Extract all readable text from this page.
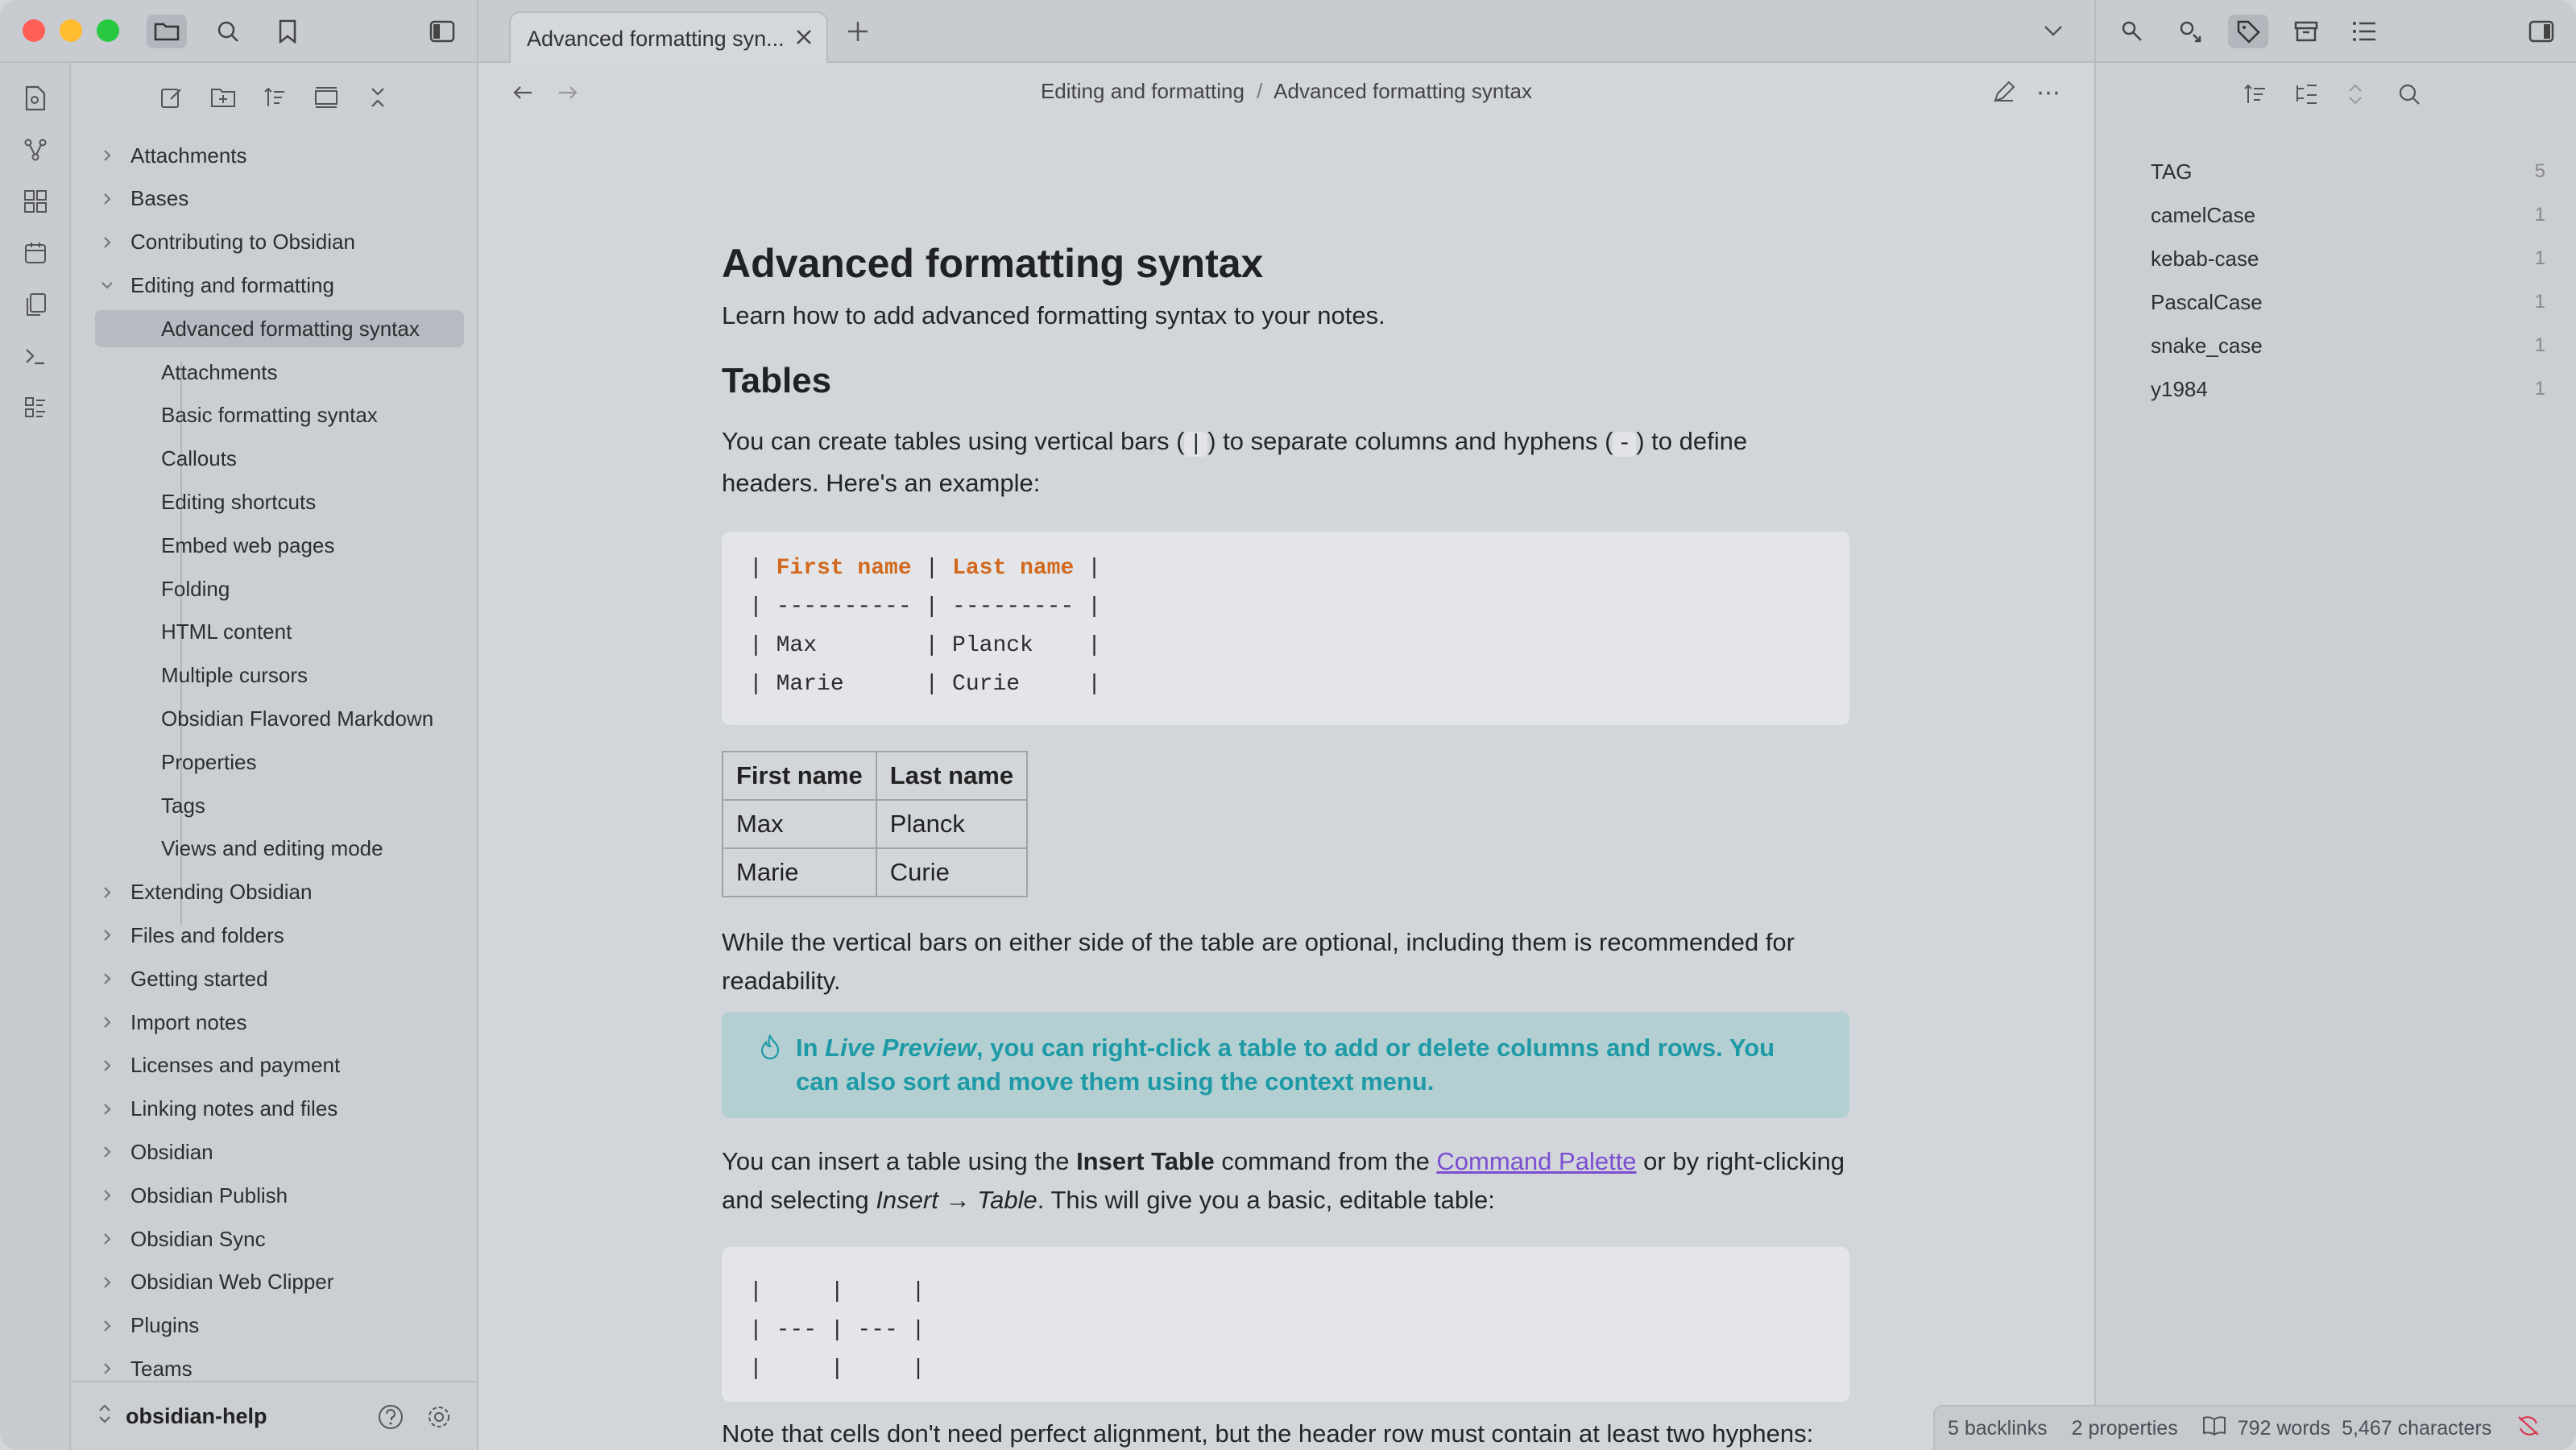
Advanced formatting syn...
Attachments
Bases
Contributing to Obsidian
Editing and formatting
Advanced formatting syntax
Attachments
Basic formatting syntax
Callouts
Editing shortcuts
Embed web pages
Folding
HTML content
Multiple cursors
Obsidian Flavored Markdown
Properties
Tags
Views and editing mode
Extending Obsidian
Files and folders
Getting started
Import notes
Licenses and payment
Linking notes and files
Obsidian
Obsidian Publish
Obsidian Sync
Obsidian Web Clipper
Plugins
Teams
obsidian-help
Editing and formatting / Advanced formatting syntax	⋯
Advanced formatting syntax
Learn how to add advanced formatting syntax to your notes.
Tables
You can create tables using vertical bars ( | ) to separate columns and hyphens ( - ) to define headers. Here's an example:
| First name | Last name |
| ---------- | --------- |
| Max        | Planck    |
| Marie      | Curie     |
First name	Last name
Max	Planck
Marie	Curie
While the vertical bars on either side of the table are optional, including them is recommended for readability.
In Live Preview, you can right-click a table to add or delete columns and rows. You can also sort and move them using the context menu.
You can insert a table using the Insert Table command from the Command Palette or by right-clicking and selecting Insert → Table. This will give you a basic, editable table:
|     |     |
| --- | --- |
|     |     |
Note that cells don't need perfect alignment, but the header row must contain at least two hyphens:
TAG	5
camelCase	1
kebab-case	1
PascalCase	1
snake_case	1
y1984	1
5 backlinks 2 properties	792 words 5,467 characters
